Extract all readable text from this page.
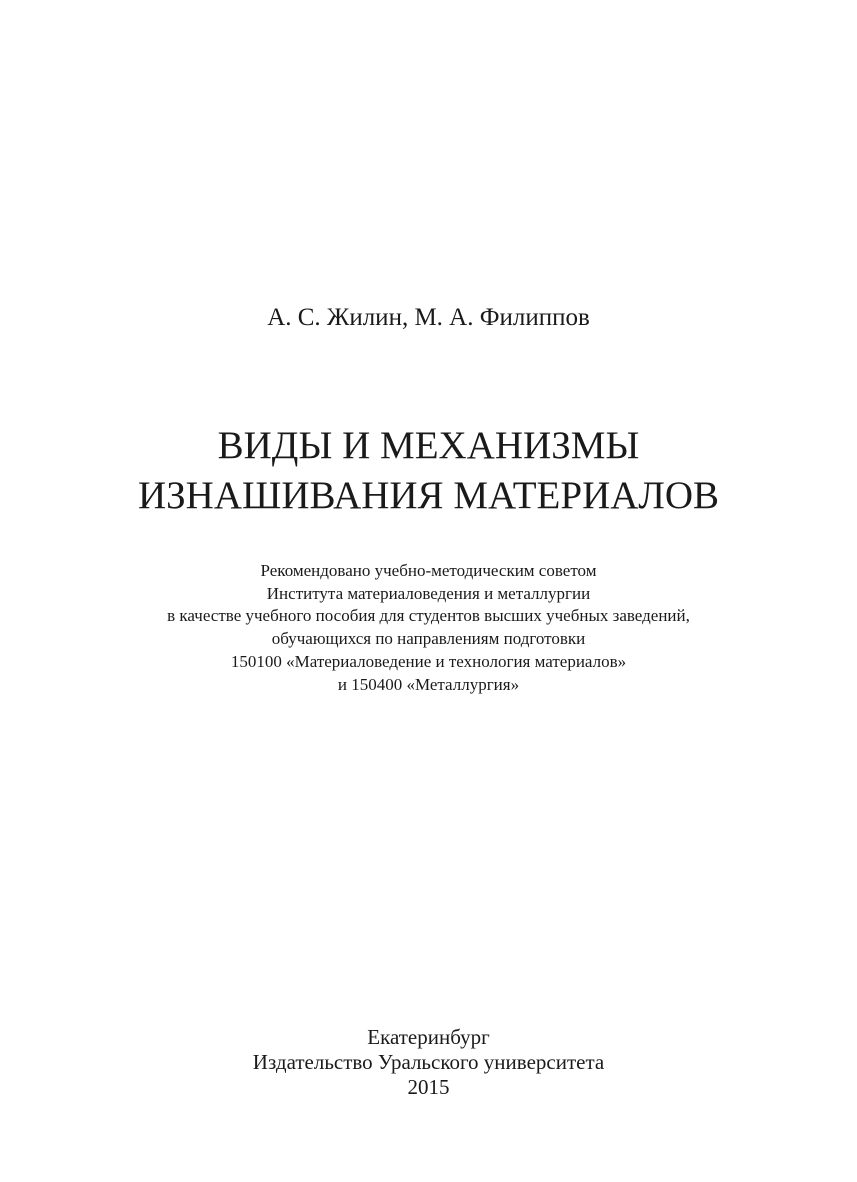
А. С. Жилин, М. А. Филиппов
ВИДЫ И МЕХАНИЗМЫ
ИЗНАШИВАНИЯ МАТЕРИАЛОВ
Рекомендовано учебно-методическим советом
Института материаловедения и металлургии
в качестве учебного пособия для студентов высших учебных заведений,
обучающихся по направлениям подготовки
150100 «Материаловедение и технология материалов»
и 150400 «Металлургия»
Екатеринбург
Издательство Уральского университета
2015
